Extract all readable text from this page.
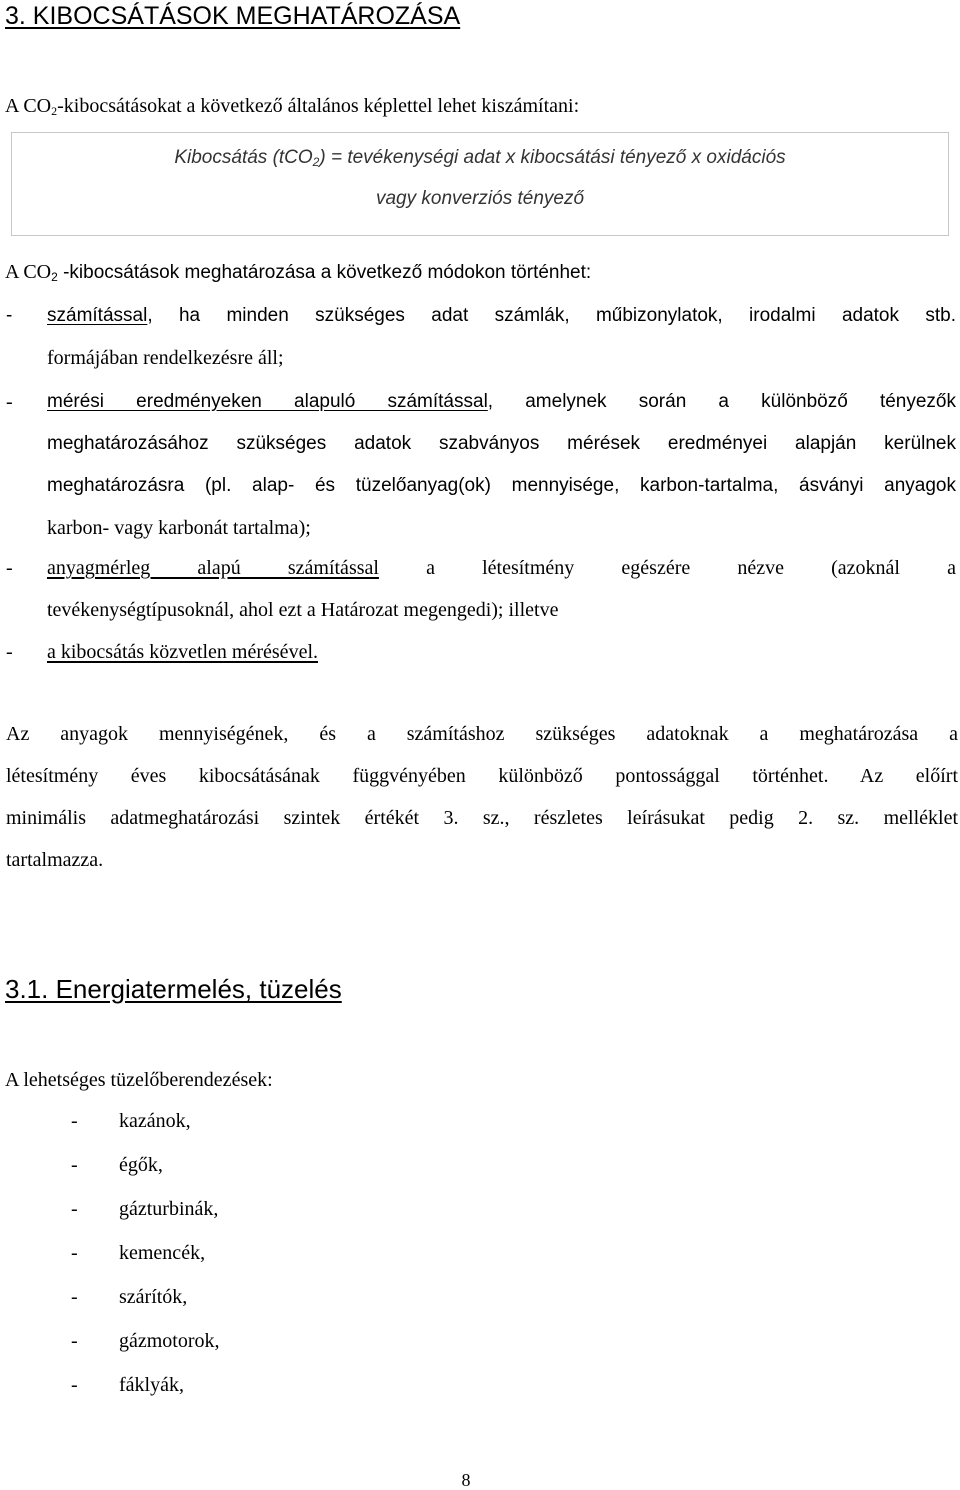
3. KIBOCSÁTÁSOK MEGHATÁROZÁSA
A $CO_2$-kibocsátásokat a következő általános képlettel lehet kiszámítani:
Kibocsátás (tCO$_2$) = tevékenységi adat x kibocsátási tényező x oxidációs
vagy konverziós tényező
A $CO_2$ -kibocsátások meghatározása a következő módokon történhet:
- számítással, ha minden szükséges adat számlák, műbizonylatok, irodalmi adatok stb.
formájában rendelkezésre áll;
- mérési eredményeken alapuló számítással, amelynek során a különböző tényezők
meghatározásához szükséges adatok szabványos mérések eredményei alapján kerülnek
meghatározásra (pl. alap- és tüzelőanyag(ok) mennyisége, karbon-tartalma, ásványi anyagok
karbon- vagy karbonát tartalma);
- anyagmérleg alapú számítással a létesítmény egészére nézve (azoknál a
tevékenységtípusoknál, ahol ezt a Határozat megengedi); illetve
- a kibocsátás közvetlen mérésével.
Az anyagok mennyiségének, és a számításhoz szükséges adatoknak a meghatározása a
létesítmény éves kibocsátásának függvényében különböző pontossággal történhet. Az előírt
minimális adatmeghatározási szintek értékét 3. sz., részletes leírásukat pedig 2. sz. melléklet
tartalmazza.
3.1. Energiatermelés, tüzelés
A lehetséges tüzelőberendezések:
- kazánok,
- égők,
- gázturbinák,
- kemencék,
- szárítók,
- gázmotorok,
- fáklyák,
8
